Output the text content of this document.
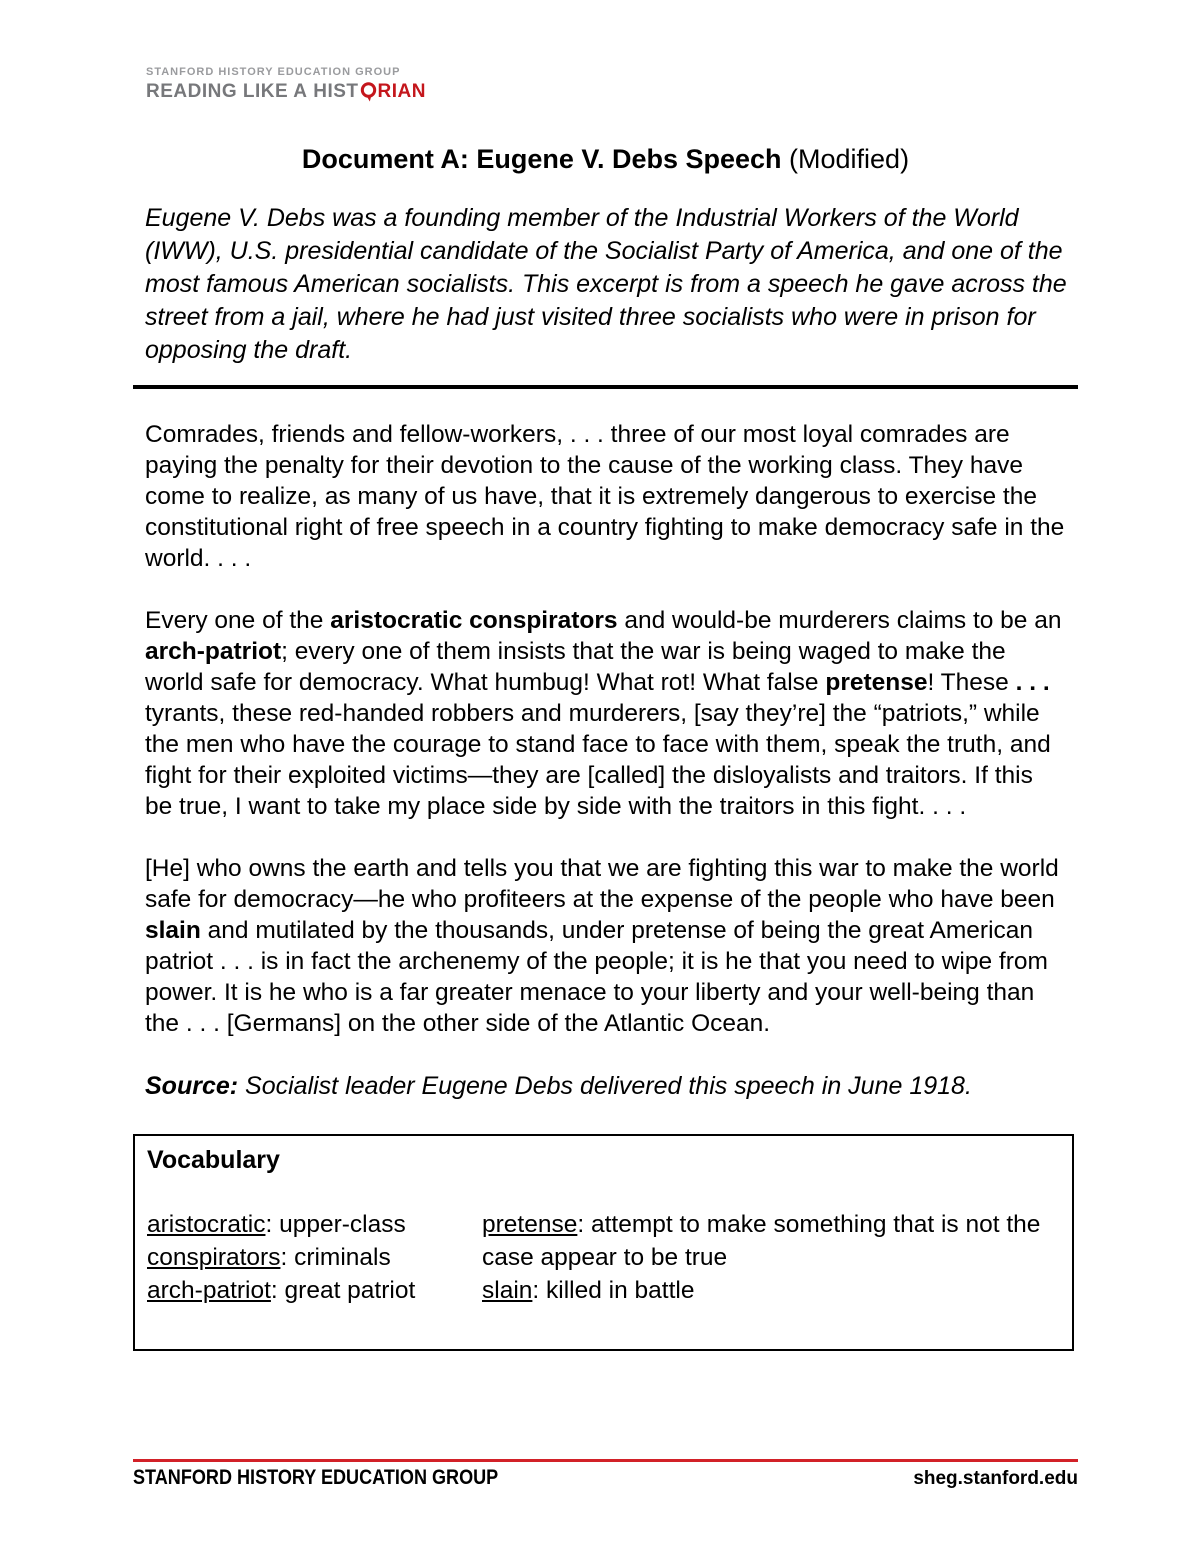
STANFORD HISTORY EDUCATION GROUP
READING LIKE A HIST RIAN
Document A: Eugene V. Debs Speech (Modified)

Eugene V. Debs was a founding member of the Industrial Workers of the World (IWW), U.S. presidential candidate of the Socialist Party of America, and one of the most famous American socialists. This excerpt is from a speech he gave across the street from a jail, where he had just visited three socialists who were in prison for opposing the draft.

Comrades, friends and fellow-workers, . . . three of our most loyal comrades are paying the penalty for their devotion to the cause of the working class. They have come to realize, as many of us have, that it is extremely dangerous to exercise the constitutional right of free speech in a country fighting to make democracy safe in the world. . . .

Every one of the aristocratic conspirators and would-be murderers claims to be an arch-patriot; every one of them insists that the war is being waged to make the world safe for democracy. What humbug! What rot! What false pretense! These . . . tyrants, these red-handed robbers and murderers, [say they’re] the “patriots,” while the men who have the courage to stand face to face with them, speak the truth, and fight for their exploited victims—they are [called] the disloyalists and traitors. If this be true, I want to take my place side by side with the traitors in this fight. . . .

[He] who owns the earth and tells you that we are fighting this war to make the world safe for democracy—he who profiteers at the expense of the people who have been slain and mutilated by the thousands, under pretense of being the great American patriot . . . is in fact the archenemy of the people; it is he that you need to wipe from power. It is he who is a far greater menace to your liberty and your well-being than the . . . [Germans] on the other side of the Atlantic Ocean.

Source: Socialist leader Eugene Debs delivered this speech in June 1918.

Vocabulary
aristocratic: upper-class
conspirators: criminals
arch-patriot: great patriot
pretense: attempt to make something that is not the case appear to be true
slain: killed in battle
STANFORD HISTORY EDUCATION GROUP	sheg.stanford.edu
